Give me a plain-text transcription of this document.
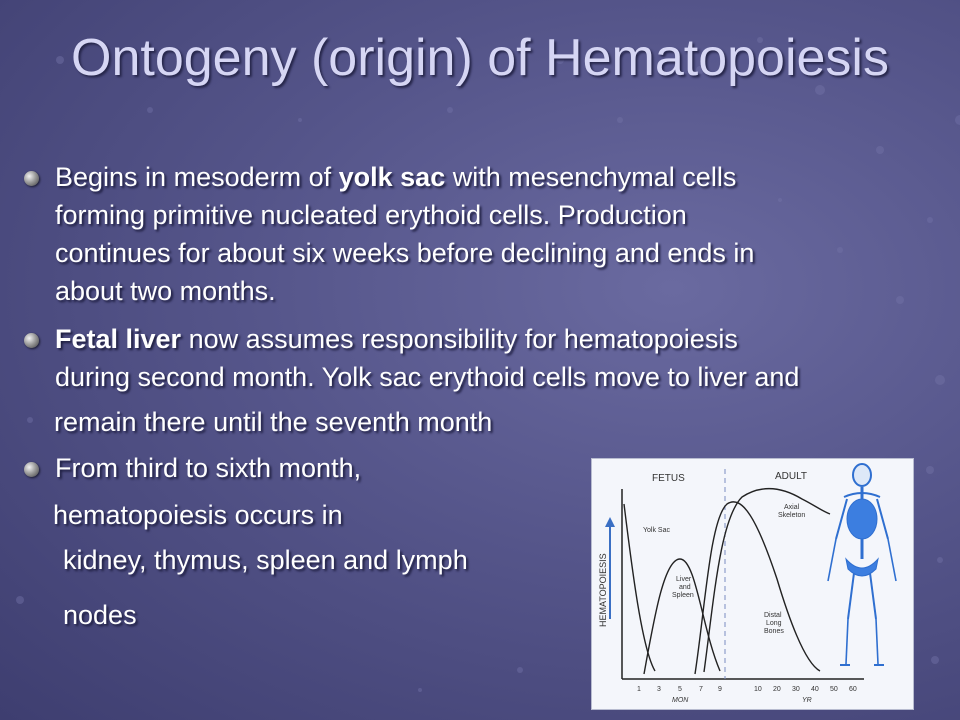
Ontogeny (origin) of Hematopoiesis
Begins in mesoderm of yolk sac with mesenchymal cells
forming primitive nucleated erythoid cells. Production
continues for about six weeks before declining and ends in
about two months.
Fetal liver now assumes responsibility for hematopoiesis
during second month. Yolk sac erythoid cells move to liver and
remain there until the seventh month
From third to sixth month,
hematopoiesis occurs in
kidney, thymus, spleen and lymph
nodes
FETUS	ADULT
HEMATOPOIESIS
Yolk Sac
Liver
and
Spleen
Axial
Skeleton
Distal
Long
Bones
1 3 5 7 9	10 20 30 40 50 60
MON	YR
